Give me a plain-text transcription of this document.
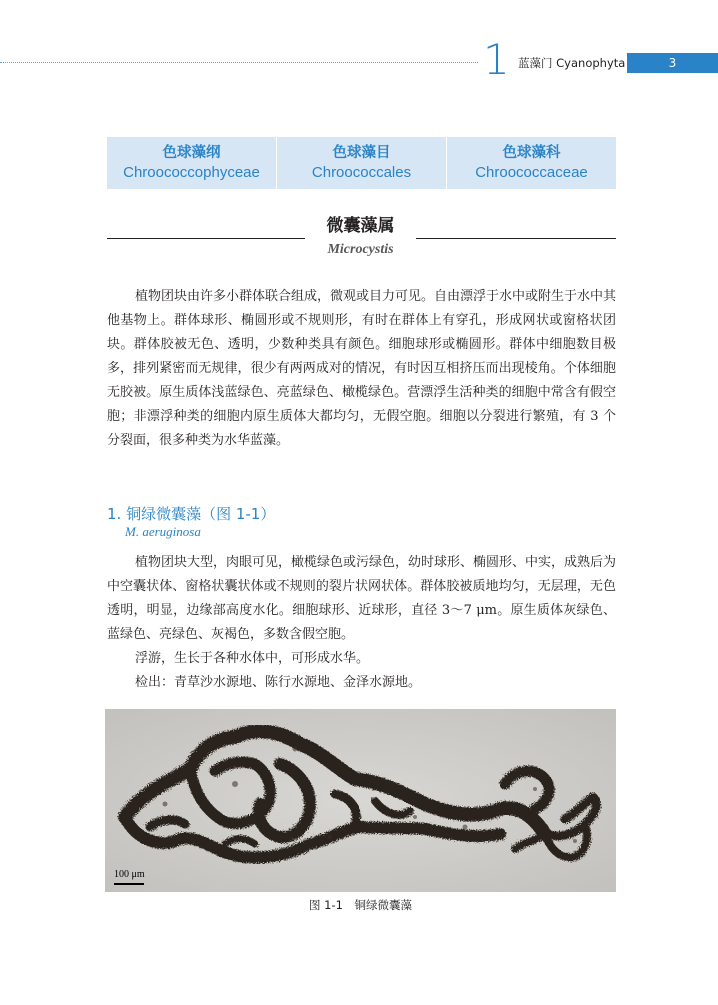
1 蓝藻门 Cyanophyta	3
色球藻纲
Chroococcophyceae
色球藻目
Chroococcales
色球藻科
Chroococcaceae
微囊藻属
Microcystis

植物团块由许多小群体联合组成，微观或目力可见。自由漂浮于水中或附生于水中其他基物上。群体球形、椭圆形或不规则形，有时在群体上有穿孔，形成网状或窗格状团块。群体胶被无色、透明，少数种类具有颜色。细胞球形或椭圆形。群体中细胞数目极多，排列紧密而无规律，很少有两两成对的情况，有时因互相挤压而出现棱角。个体细胞无胶被。原生质体浅蓝绿色、亮蓝绿色、橄榄绿色。营漂浮生活种类的细胞中常含有假空胞；非漂浮种类的细胞内原生质体大都均匀，无假空胞。细胞以分裂进行繁殖，有 3 个分裂面，很多种类为水华蓝藻。

1. 铜绿微囊藻（图 1-1）
M. aeruginosa

植物团块大型，肉眼可见，橄榄绿色或污绿色，幼时球形、椭圆形、中实，成熟后为中空囊状体、窗格状囊状体或不规则的裂片状网状体。群体胶被质地均匀，无层理，无色透明，明显，边缘部高度水化。细胞球形、近球形，直径 3～7 μm。原生质体灰绿色、蓝绿色、亮绿色、灰褐色，多数含假空胞。

浮游，生长于各种水体中，可形成水华。

检出：青草沙水源地、陈行水源地、金泽水源地。

100 μm
图 1-1　铜绿微囊藻
